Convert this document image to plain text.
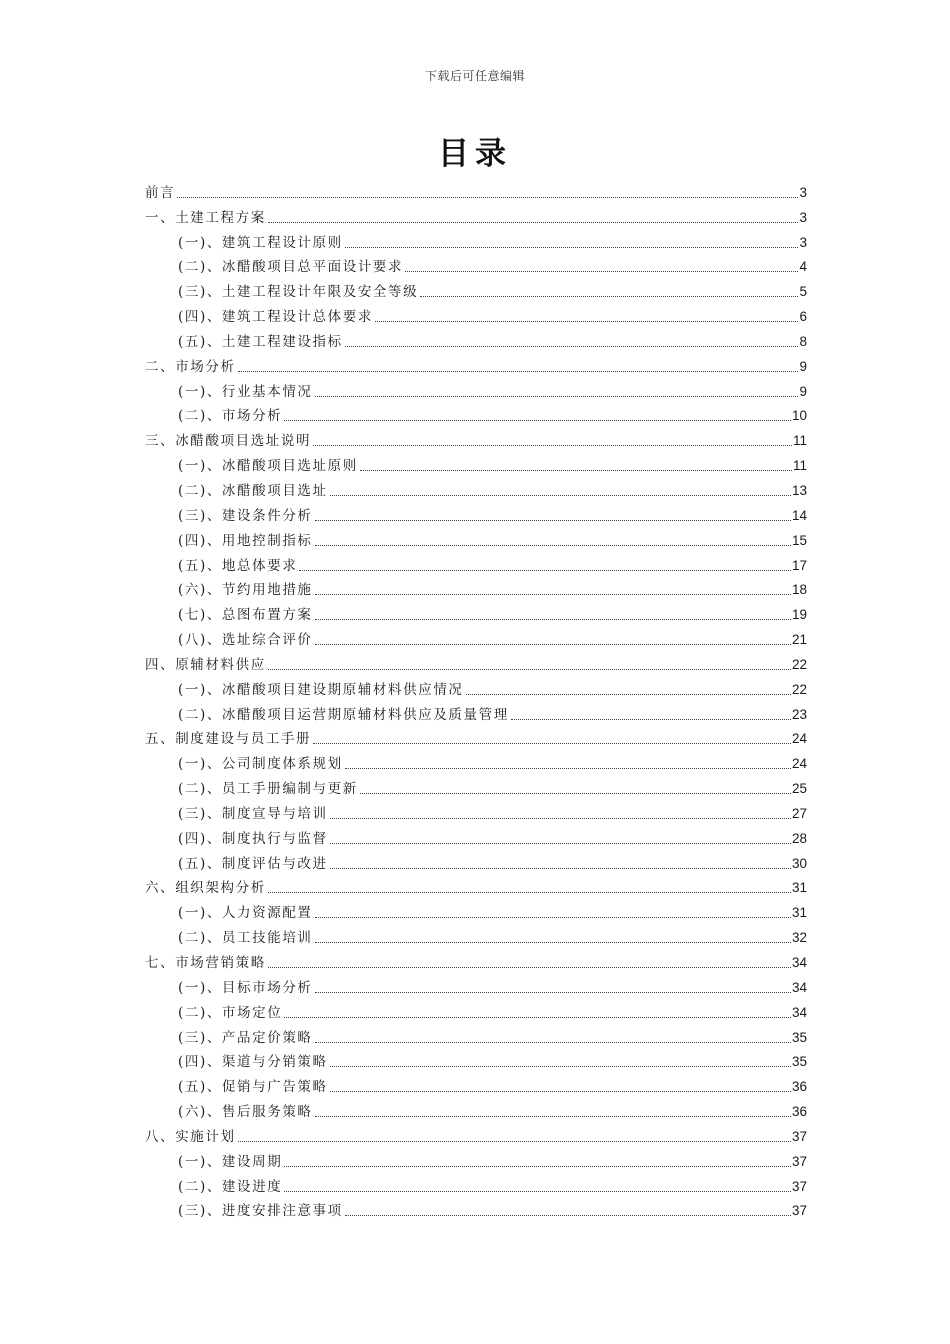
下载后可任意编辑
目录
前言	3
一、土建工程方案	3
(一)、建筑工程设计原则	3
(二)、冰醋酸项目总平面设计要求	4
(三)、土建工程设计年限及安全等级	5
(四)、建筑工程设计总体要求	6
(五)、土建工程建设指标	8
二、市场分析	9
(一)、行业基本情况	9
(二)、市场分析	10
三、冰醋酸项目选址说明	11
(一)、冰醋酸项目选址原则	11
(二)、冰醋酸项目选址	13
(三)、建设条件分析	14
(四)、用地控制指标	15
(五)、地总体要求	17
(六)、节约用地措施	18
(七)、总图布置方案	19
(八)、选址综合评价	21
四、原辅材料供应	22
(一)、冰醋酸项目建设期原辅材料供应情况	22
(二)、冰醋酸项目运营期原辅材料供应及质量管理	23
五、制度建设与员工手册	24
(一)、公司制度体系规划	24
(二)、员工手册编制与更新	25
(三)、制度宣导与培训	27
(四)、制度执行与监督	28
(五)、制度评估与改进	30
六、组织架构分析	31
(一)、人力资源配置	31
(二)、员工技能培训	32
七、市场营销策略	34
(一)、目标市场分析	34
(二)、市场定位	34
(三)、产品定价策略	35
(四)、渠道与分销策略	35
(五)、促销与广告策略	36
(六)、售后服务策略	36
八、实施计划	37
(一)、建设周期	37
(二)、建设进度	37
(三)、进度安排注意事项	37
